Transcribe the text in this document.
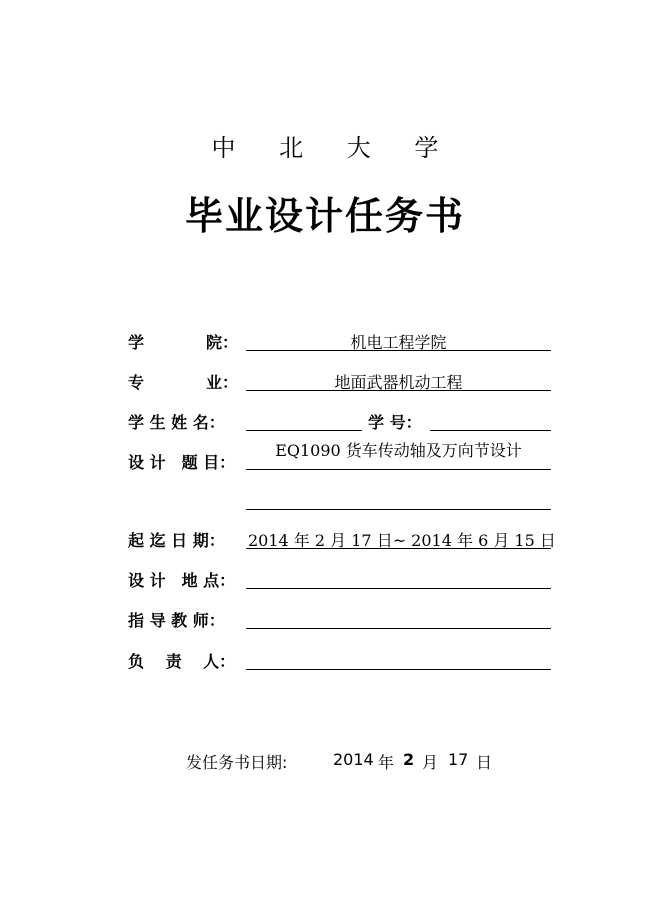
中 北 大 学
毕业设计任务书
学	院：	机电工程学院
专	业：	地面武器机动工程
学 生 姓 名：	学 号：
设 计　题 目：
EQ1090 货车传动轴及万向节设计
起 迄 日 期： 2014 年 2 月 17 日~ 2014 年 6 月 15 日
设 计　地 点：
指 导 教 师：
负　 责　 人：
发任务书日期:	2014 年 2 月 17 日
